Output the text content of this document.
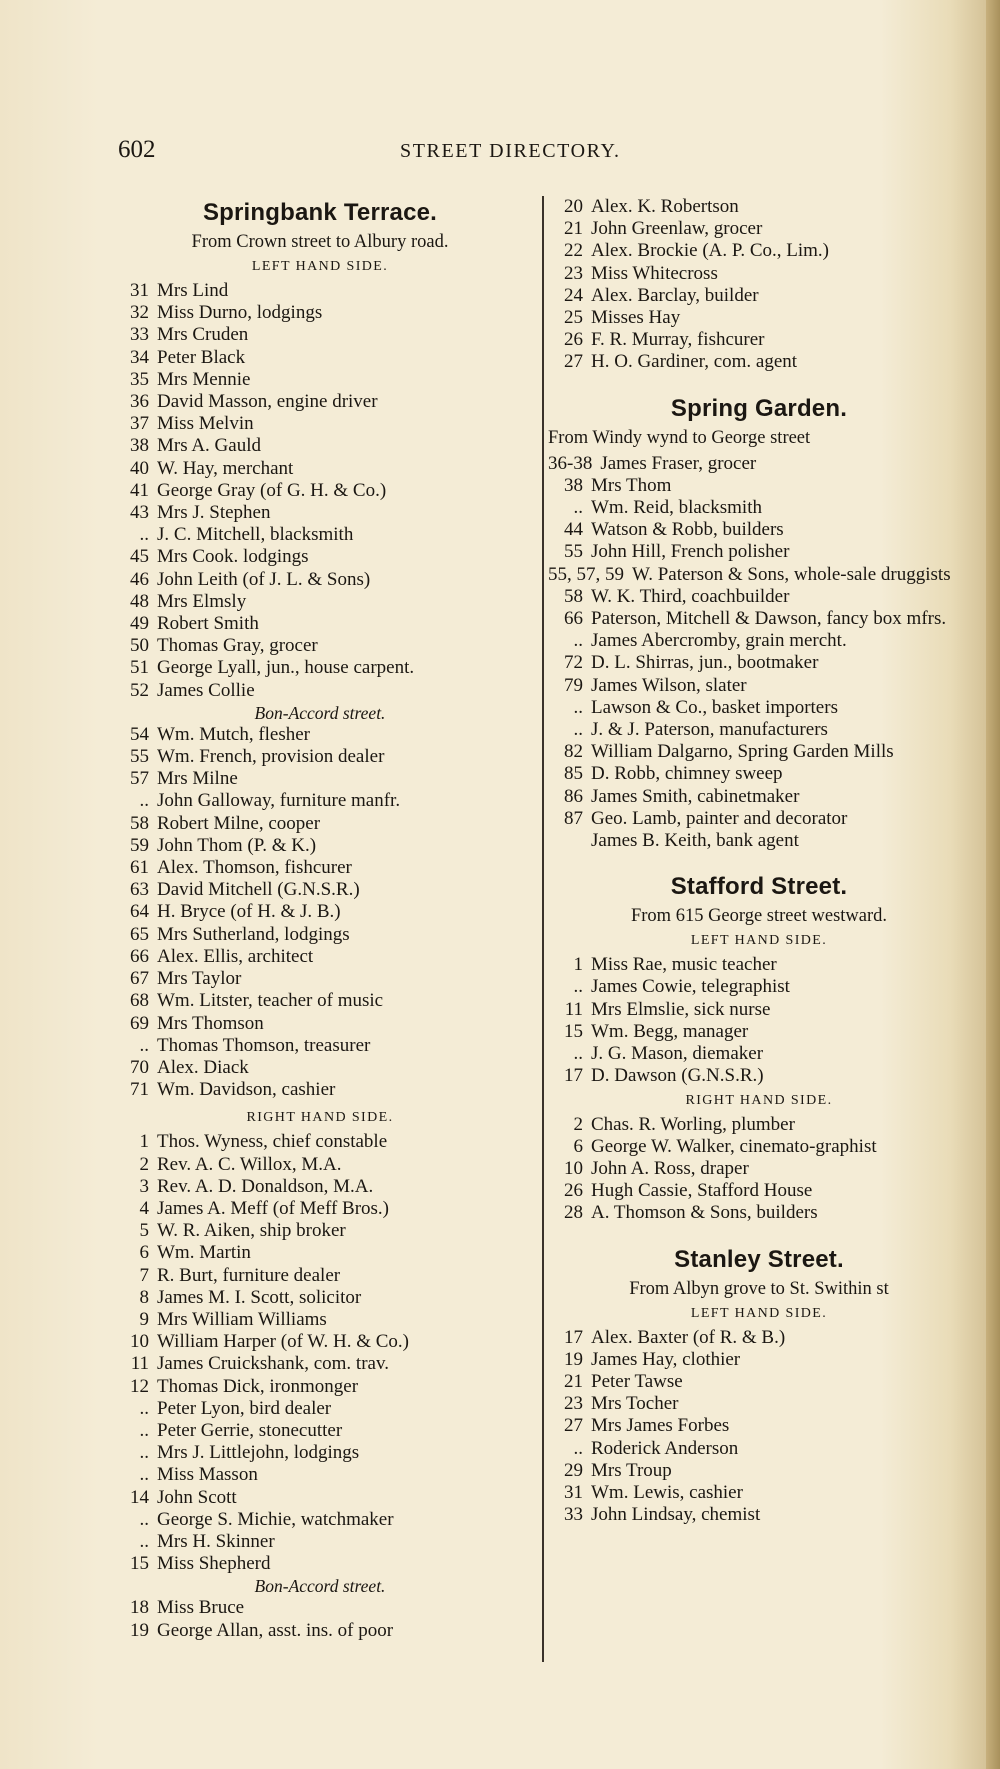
602	STREET DIRECTORY.
Springbank Terrace.

From Crown street to Albury road.

LEFT HAND SIDE.

31 Mrs Lind
32 Miss Durno, lodgings
33 Mrs Cruden
34 Peter Black
35 Mrs Mennie
36 David Masson, engine driver
37 Miss Melvin
38 Mrs A. Gauld
40 W. Hay, merchant
41 George Gray (of G. H. & Co.)
43 Mrs J. Stephen
.. J. C. Mitchell, blacksmith
45 Mrs Cook. lodgings
46 John Leith (of J. L. & Sons)
48 Mrs Elmsly
49 Robert Smith
50 Thomas Gray, grocer
51 George Lyall, jun., house carpent.
52 James Collie

Bon-Accord street.

54 Wm. Mutch, flesher
55 Wm. French, provision dealer
57 Mrs Milne
.. John Galloway, furniture manfr.
58 Robert Milne, cooper
59 John Thom (P. & K.)
61 Alex. Thomson, fishcurer
63 David Mitchell (G.N.S.R.)
64 H. Bryce (of H. & J. B.)
65 Mrs Sutherland, lodgings
66 Alex. Ellis, architect
67 Mrs Taylor
68 Wm. Litster, teacher of music
69 Mrs Thomson
.. Thomas Thomson, treasurer
70 Alex. Diack
71 Wm. Davidson, cashier

RIGHT HAND SIDE.

1 Thos. Wyness, chief constable
2 Rev. A. C. Willox, M.A.
3 Rev. A. D. Donaldson, M.A.
4 James A. Meff (of Meff Bros.)
5 W. R. Aiken, ship broker
6 Wm. Martin
7 R. Burt, furniture dealer
8 James M. I. Scott, solicitor
9 Mrs William Williams
10 William Harper (of W. H. & Co.)
11 James Cruickshank, com. trav.
12 Thomas Dick, ironmonger
.. Peter Lyon, bird dealer
.. Peter Gerrie, stonecutter
.. Mrs J. Littlejohn, lodgings
.. Miss Masson
14 John Scott
.. George S. Michie, watchmaker
.. Mrs H. Skinner
15 Miss Shepherd

Bon-Accord street.

18 Miss Bruce
19 George Allan, asst. ins. of poor
20 Alex. K. Robertson
21 John Greenlaw, grocer
22 Alex. Brockie (A. P. Co., Lim.)
23 Miss Whitecross
24 Alex. Barclay, builder
25 Misses Hay
26 F. R. Murray, fishcurer
27 H. O. Gardiner, com. agent
Spring Garden.

From Windy wynd to George street

36-38 James Fraser, grocer
38 Mrs Thom
.. Wm. Reid, blacksmith
44 Watson & Robb, builders
55 John Hill, French polisher
55, 57, 59 W. Paterson & Sons, whole-sale druggists
58 W. K. Third, coachbuilder
66 Paterson, Mitchell & Dawson, fancy box mfrs.
.. James Abercromby, grain mercht.
72 D. L. Shirras, jun., bootmaker
79 James Wilson, slater
.. Lawson & Co., basket importers
.. J. & J. Paterson, manufacturers
82 William Dalgarno, Spring Garden Mills
85 D. Robb, chimney sweep
86 James Smith, cabinetmaker
87 Geo. Lamb, painter and decorator
James B. Keith, bank agent
Stafford Street.

From 615 George street westward.

LEFT HAND SIDE.

1 Miss Rae, music teacher
.. James Cowie, telegraphist
11 Mrs Elmslie, sick nurse
15 Wm. Begg, manager
.. J. G. Mason, diemaker
17 D. Dawson (G.N.S.R.)

RIGHT HAND SIDE.

2 Chas. R. Worling, plumber
6 George W. Walker, cinemato-graphist
10 John A. Ross, draper
26 Hugh Cassie, Stafford House
28 A. Thomson & Sons, builders
Stanley Street.

From Albyn grove to St. Swithin st

LEFT HAND SIDE.

17 Alex. Baxter (of R. & B.)
19 James Hay, clothier
21 Peter Tawse
23 Mrs Tocher
27 Mrs James Forbes
.. Roderick Anderson
29 Mrs Troup
31 Wm. Lewis, cashier
33 John Lindsay, chemist
